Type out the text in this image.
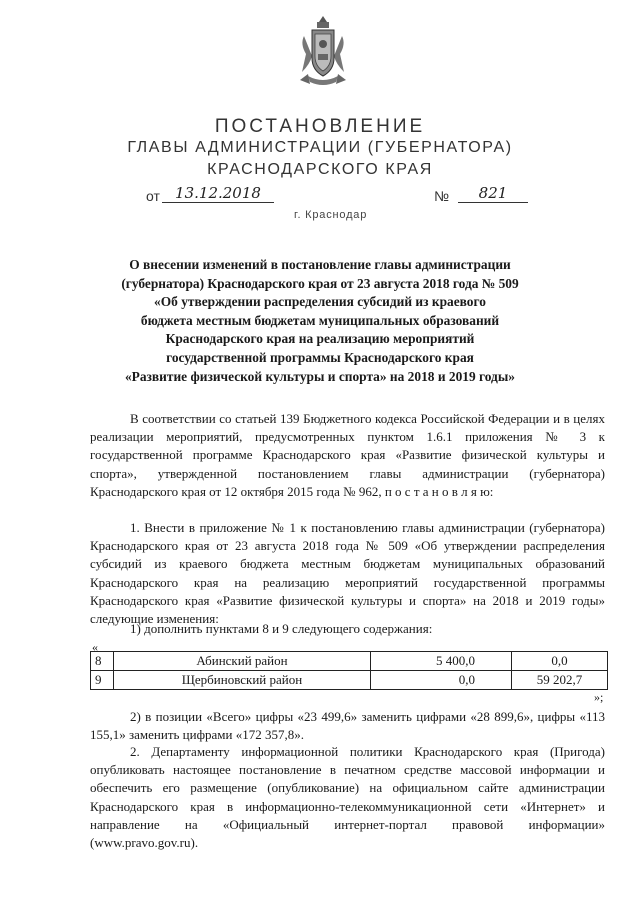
ПОСТАНОВЛЕНИЕ
ГЛАВЫ АДМИНИСТРАЦИИ (ГУБЕРНАТОРА)
КРАСНОДАРСКОГО КРАЯ
от	13.12.2018	№	821
г. Краснодар
О внесении изменений в постановление главы администрации
(губернатора) Краснодарского края от 23 августа 2018 года № 509
«Об утверждении распределения субсидий из краевого
бюджета местным бюджетам муниципальных образований
Краснодарского края на реализацию мероприятий
государственной программы Краснодарского края
«Развитие физической культуры и спорта» на 2018 и 2019 годы»
В соответствии со статьей 139 Бюджетного кодекса Российской Федерации и в целях реализации мероприятий, предусмотренных пунктом 1.6.1 приложения № 3 к государственной программе Краснодарского края «Развитие физической культуры и спорта», утвержденной постановлением главы администрации (губернатора) Краснодарского края от 12 октября 2015 года № 962, п о с т а н о в л я ю:
1. Внести в приложение № 1 к постановлению главы администрации (губернатора) Краснодарского края от 23 августа 2018 года № 509 «Об утверждении распределения субсидий из краевого бюджета местным бюджетам муниципальных образований Краснодарского края на реализацию мероприятий государственной программы Краснодарского края «Развитие физической культуры и спорта» на 2018 и 2019 годы» следующие изменения:
1) дополнить пунктами 8 и 9 следующего содержания:
«
8	Абинский район	5 400,0	0,0
9	Щербиновский район	0,0	59 202,7
»;
2) в позиции «Всего» цифры «23 499,6» заменить цифрами «28 899,6», цифры «113 155,1» заменить цифрами «172 357,8».
2. Департаменту информационной политики Краснодарского края (Пригода) опубликовать настоящее постановление в печатном средстве массовой информации и обеспечить его размещение (опубликование) на официальном сайте администрации Краснодарского края в информационно-телекоммуникационной сети «Интернет» и направление на «Официальный интернет-портал правовой информации» (www.pravo.gov.ru).
